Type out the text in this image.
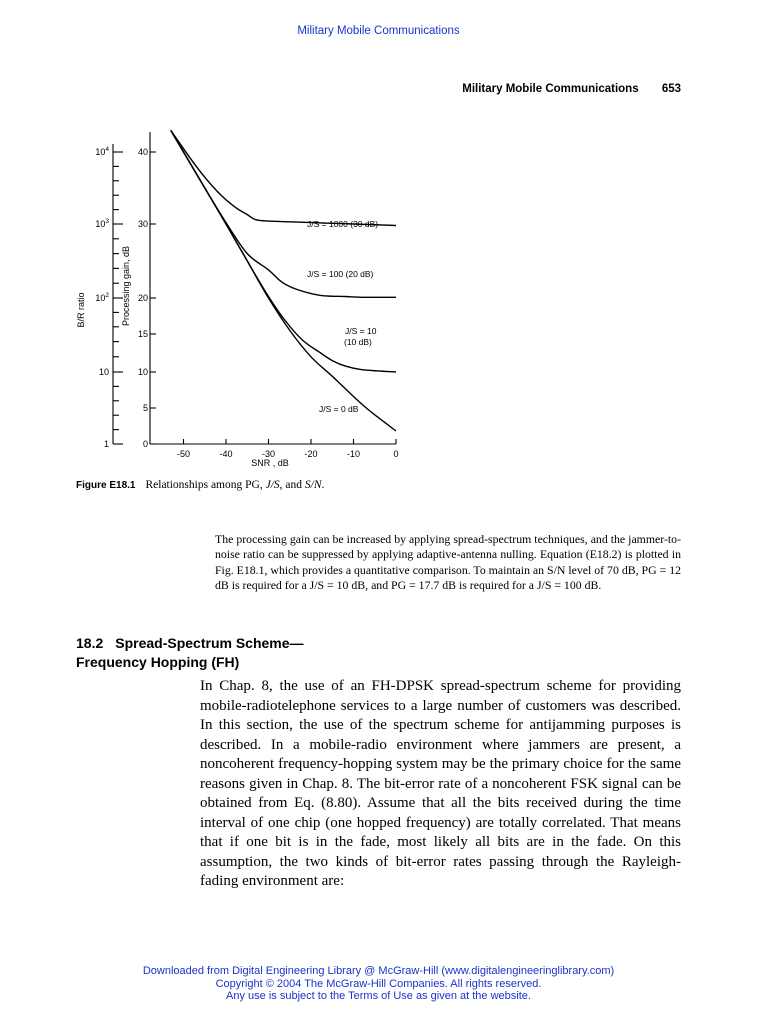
Military Mobile Communications
Military Mobile Communications 653
$10^4$
$10^3$
$10^2$
10
1
B/R ratio
40
30
20
15
10
5
0
Processing gain, dB
-50	-40	-30	-20	-10	0
SNR , dB
J/S = 1000 (30 dB)
J/S = 100 (20 dB)
J/S = 10
(10 dB)
J/S = 0 dB
Figure E18.1 Relationships among PG, J/S, and S/N.

The processing gain can be increased by applying spread-spectrum techniques, and the jammer-to-noise ratio can be suppressed by applying adaptive-antenna nulling. Equation (E18.2) is plotted in Fig. E18.1, which provides a quantitative comparison. To maintain an S/N level of 70 dB, PG = 12 dB is required for a J/S = 10 dB, and PG = 17.7 dB is required for a J/S = 100 dB.

18.2 Spread-Spectrum Scheme—
Frequency Hopping (FH)

In Chap. 8, the use of an FH-DPSK spread-spectrum scheme for providing mobile-radiotelephone services to a large number of customers was described. In this section, the use of the spectrum scheme for antijamming purposes is described. In a mobile-radio environment where jammers are present, a noncoherent frequency-hopping system may be the primary choice for the same reasons given in Chap. 8. The bit-error rate of a noncoherent FSK signal can be obtained from Eq. (8.80). Assume that all the bits received during the time interval of one chip (one hopped frequency) are totally correlated. That means that if one bit is in the fade, most likely all bits are in the fade. On this assumption, the two kinds of bit-error rates passing through the Rayleigh-fading environment are:

Downloaded from Digital Engineering Library @ McGraw-Hill (www.digitalengineeringlibrary.com)
Copyright © 2004 The McGraw-Hill Companies. All rights reserved.
Any use is subject to the Terms of Use as given at the website.
